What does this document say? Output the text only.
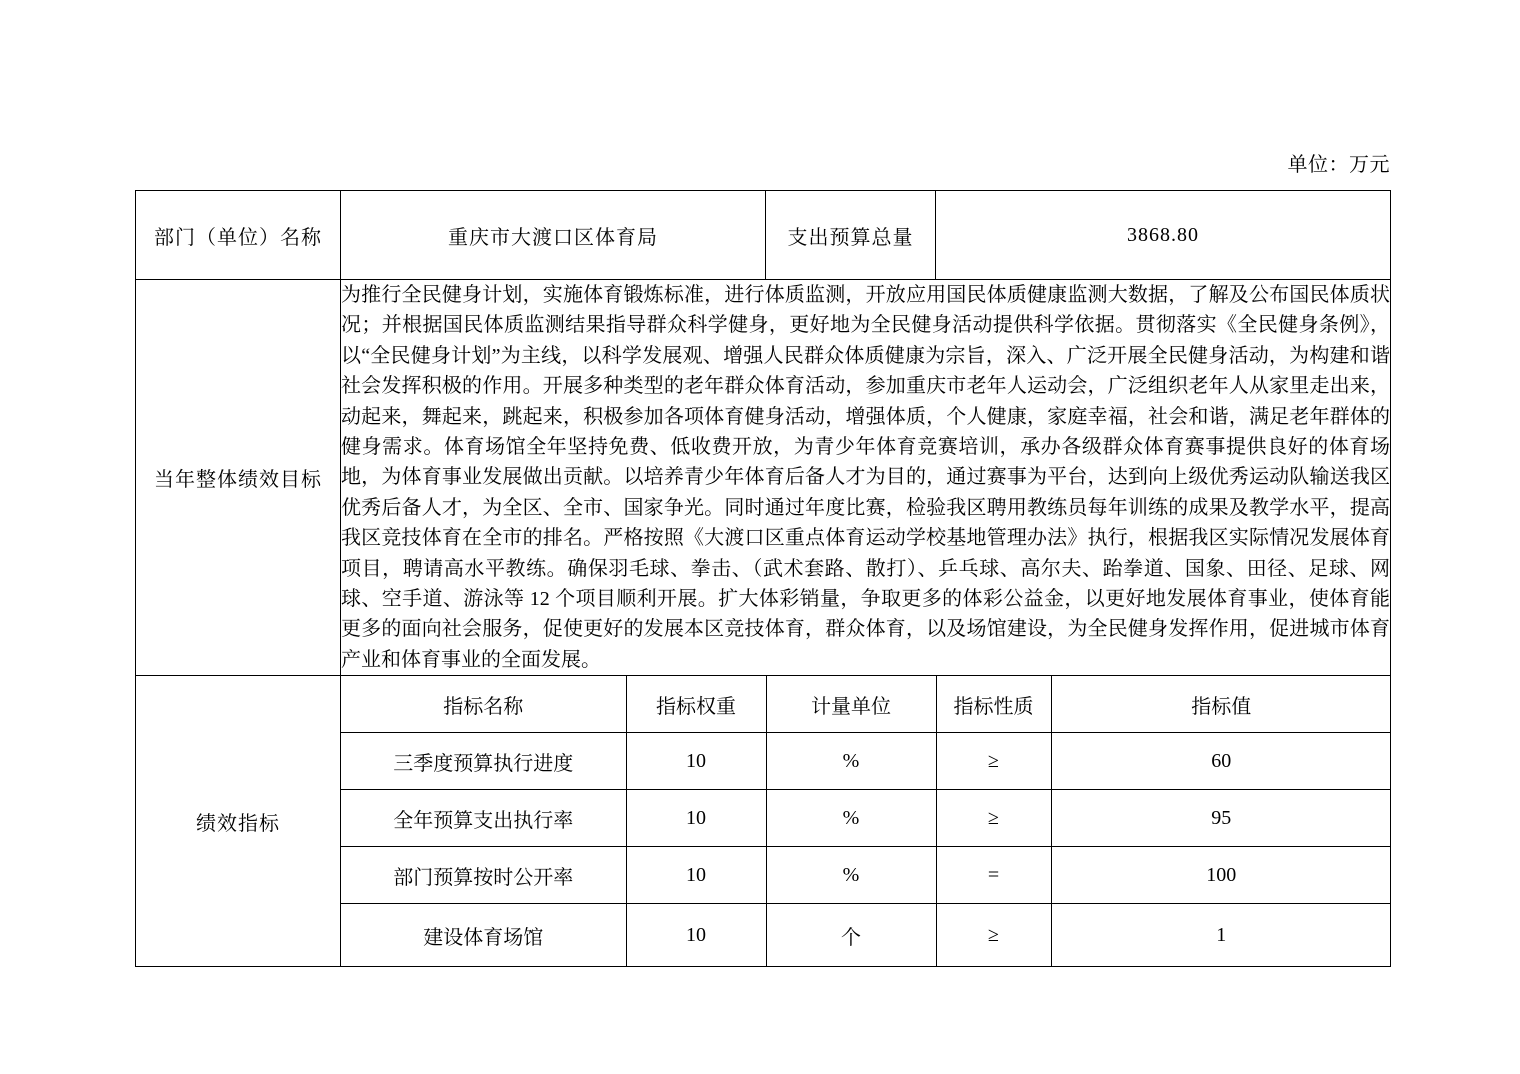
单位：万元
部门（单位）名称	重庆市大渡口区体育局	支出预算总量	3868.80
当年整体绩效目标	为推行全民健身计划，实施体育锻炼标准，进行体质监测，开放应用国民体质健康监测大数据，了解及公布国民体质状况；并根据国民体质监测结果指导群众科学健身，更好地为全民健身活动提供科学依据。贯彻落实《全民健身条例》，以“全民健身计划”为主线，以科学发展观、增强人民群众体质健康为宗旨，深入、广泛开展全民健身活动，为构建和谐社会发挥积极的作用。开展多种类型的老年群众体育活动，参加重庆市老年人运动会，广泛组织老年人从家里走出来，动起来，舞起来，跳起来，积极参加各项体育健身活动，增强体质，个人健康，家庭幸福，社会和谐，满足老年群体的健身需求。体育场馆全年坚持免费、低收费开放，为青少年体育竞赛培训，承办各级群众体育赛事提供良好的体育场地，为体育事业发展做出贡献。以培养青少年体育后备人才为目的，通过赛事为平台，达到向上级优秀运动队输送我区优秀后备人才，为全区、全市、国家争光。同时通过年度比赛，检验我区聘用教练员每年训练的成果及教学水平，提高我区竞技体育在全市的排名。严格按照《大渡口区重点体育运动学校基地管理办法》执行，根据我区实际情况发展体育项目，聘请高水平教练。确保羽毛球、拳击、（武术套路、散打）、乒乓球、高尔夫、跆拳道、国象、田径、足球、网球、空手道、游泳等 12 个项目顺利开展。扩大体彩销量，争取更多的体彩公益金，以更好地发展体育事业，使体育能更多的面向社会服务，促使更好的发展本区竞技体育，群众体育，以及场馆建设，为全民健身发挥作用，促进城市体育产业和体育事业的全面发展。
绩效指标	
指标名称	指标权重	计量单位	指标性质	指标值
三季度预算执行进度	10	%	≥	60
全年预算支出执行率	10	%	≥	95
部门预算按时公开率	10	%	=	100
建设体育场馆	10	个	≥	1
